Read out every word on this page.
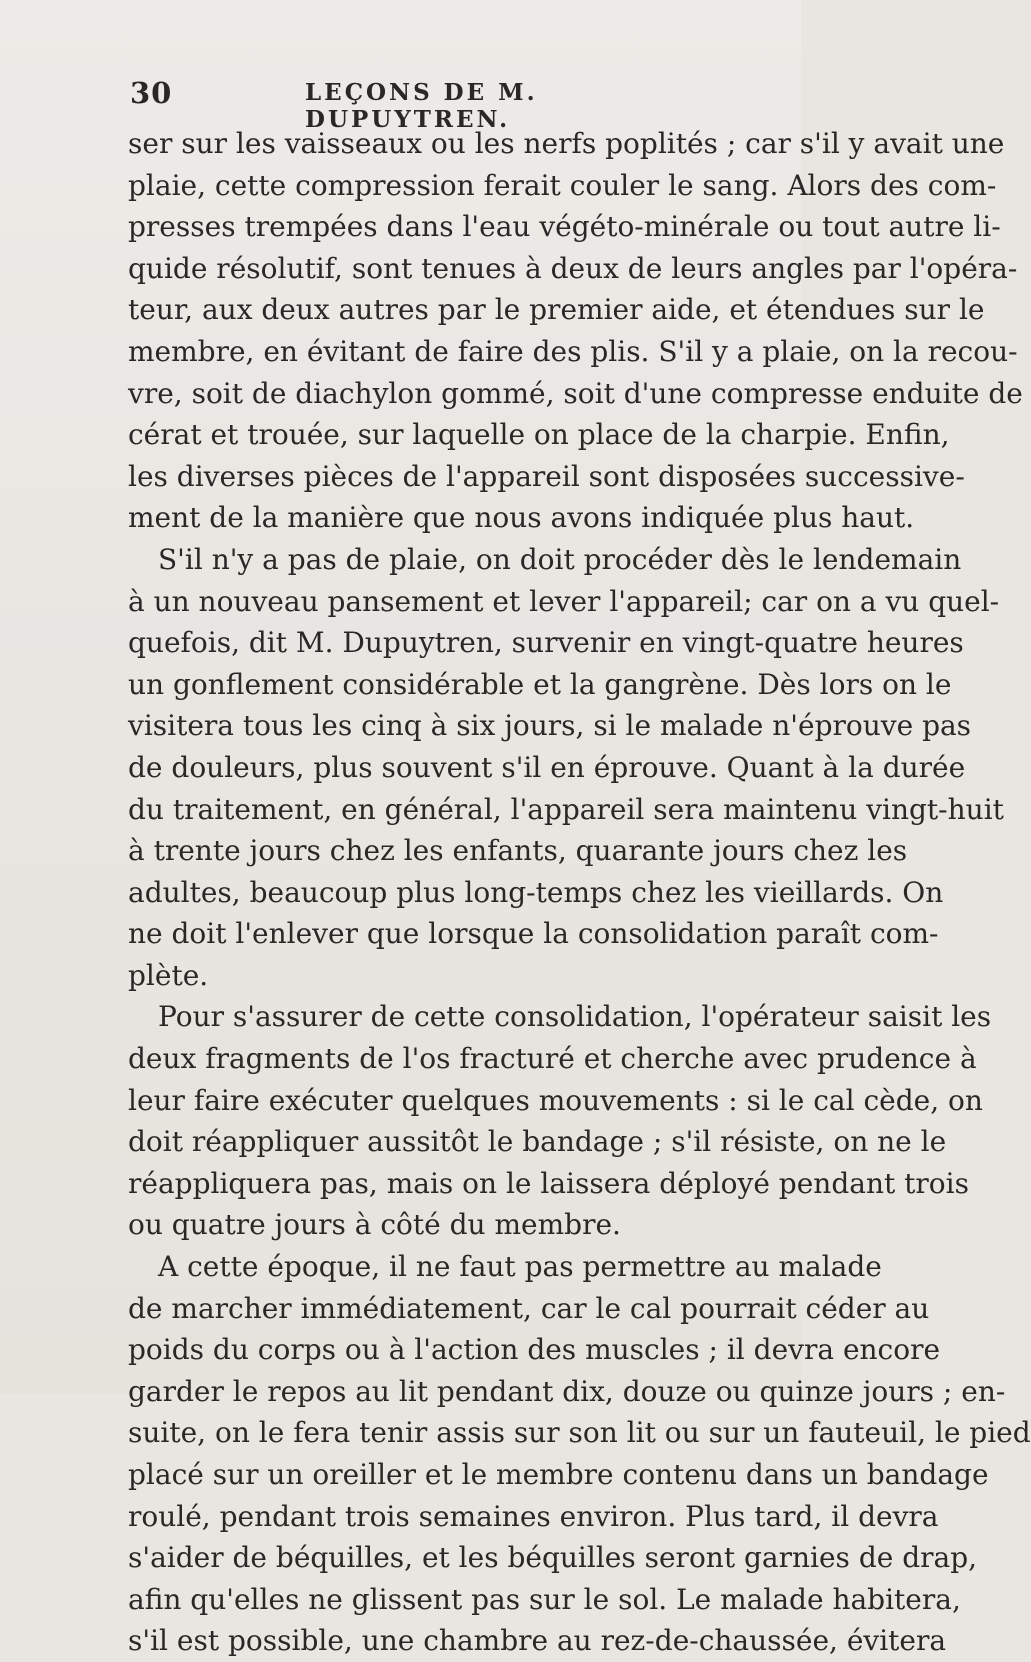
30	LEÇONS DE M. DUPUYTREN.
ser sur les vaisseaux ou les nerfs poplités ; car s'il y avait une
plaie, cette compression ferait couler le sang. Alors des com-
presses trempées dans l'eau végéto-minérale ou tout autre li-
quide résolutif, sont tenues à deux de leurs angles par l'opéra-
teur, aux deux autres par le premier aide, et étendues sur le
membre, en évitant de faire des plis. S'il y a plaie, on la recou-
vre, soit de diachylon gommé, soit d'une compresse enduite de
cérat et trouée, sur laquelle on place de la charpie. Enfin,
les diverses pièces de l'appareil sont disposées successive-
ment de la manière que nous avons indiquée plus haut.
S'il n'y a pas de plaie, on doit procéder dès le lendemain
à un nouveau pansement et lever l'appareil; car on a vu quel-
quefois, dit M. Dupuytren, survenir en vingt-quatre heures
un gonflement considérable et la gangrène. Dès lors on le
visitera tous les cinq à six jours, si le malade n'éprouve pas
de douleurs, plus souvent s'il en éprouve. Quant à la durée
du traitement, en général, l'appareil sera maintenu vingt-huit
à trente jours chez les enfants, quarante jours chez les
adultes, beaucoup plus long-temps chez les vieillards. On
ne doit l'enlever que lorsque la consolidation paraît com-
plète.
Pour s'assurer de cette consolidation, l'opérateur saisit les
deux fragments de l'os fracturé et cherche avec prudence à
leur faire exécuter quelques mouvements : si le cal cède, on
doit réappliquer aussitôt le bandage ; s'il résiste, on ne le
réappliquera pas, mais on le laissera déployé pendant trois
ou quatre jours à côté du membre.
A cette époque, il ne faut pas permettre au malade
de marcher immédiatement, car le cal pourrait céder au
poids du corps ou à l'action des muscles ; il devra encore
garder le repos au lit pendant dix, douze ou quinze jours ; en-
suite, on le fera tenir assis sur son lit ou sur un fauteuil, le pied
placé sur un oreiller et le membre contenu dans un bandage
roulé, pendant trois semaines environ. Plus tard, il devra
s'aider de béquilles, et les béquilles seront garnies de drap,
afin qu'elles ne glissent pas sur le sol. Le malade habitera,
s'il est possible, une chambre au rez-de-chaussée, évitera
